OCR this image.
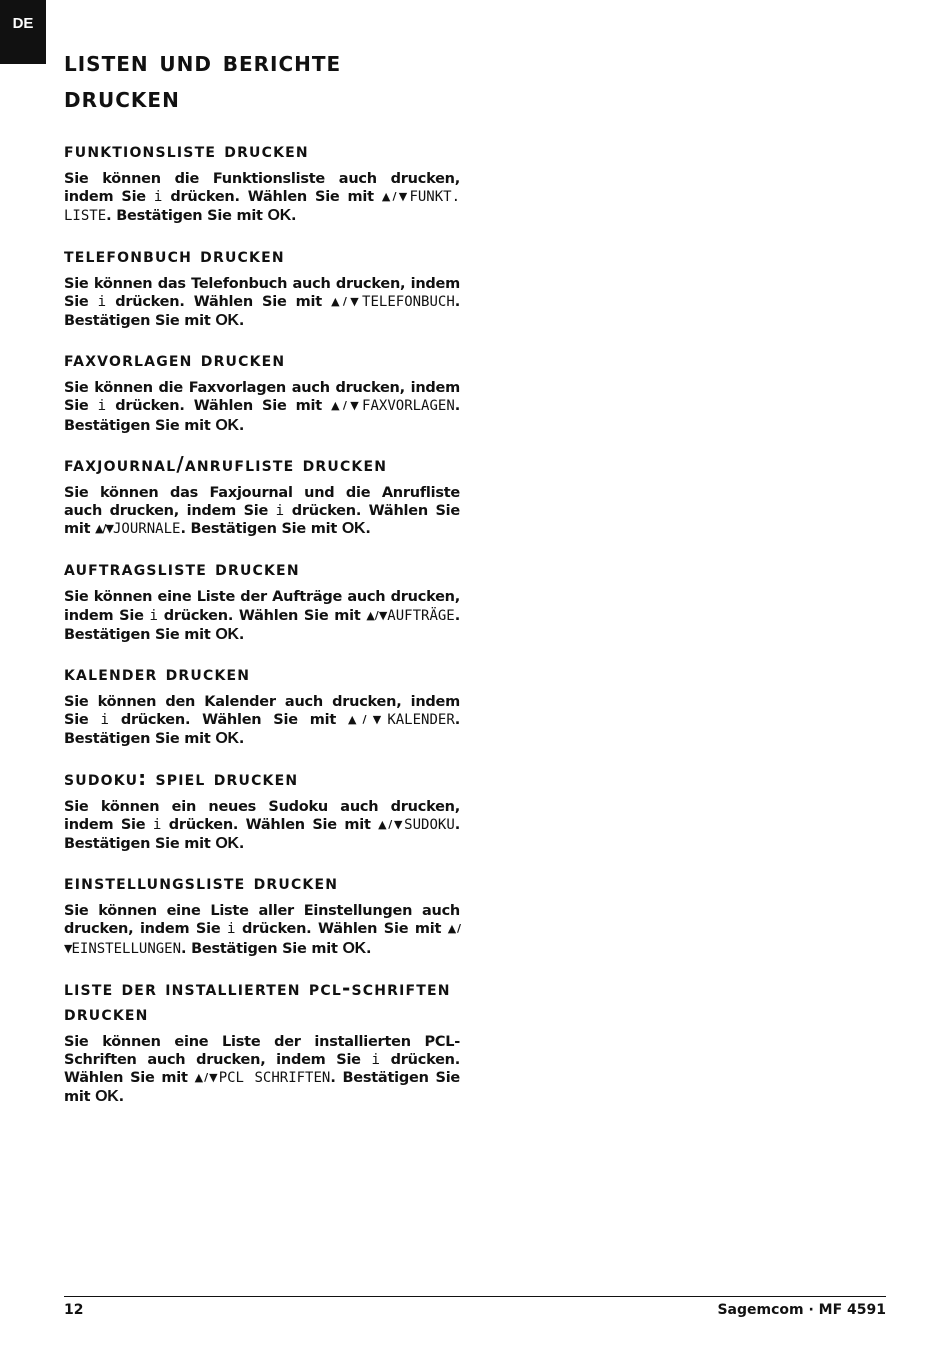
DE
listen und berichte drucken
funktionsliste drucken

Sie können die Funktionsliste auch drucken, indem Sie i drücken. Wählen Sie mit ▲/▼FUNKT. LISTE. Bestätigen Sie mit OK.

telefonbuch drucken

Sie können das Telefonbuch auch drucken, indem Sie i drücken. Wählen Sie mit ▲/▼TELEFONBUCH. Bestätigen Sie mit OK.

faxvorlagen drucken

Sie können die Faxvorlagen auch drucken, indem Sie i drücken. Wählen Sie mit ▲/▼FAXVORLAGEN. Bestätigen Sie mit OK.

faxjournal/anrufliste drucken

Sie können das Faxjournal und die Anrufliste auch drucken, indem Sie i drücken. Wählen Sie mit ▲/▼JOURNALE. Bestätigen Sie mit OK.

auftragsliste drucken

Sie können eine Liste der Aufträge auch drucken, indem Sie i drücken. Wählen Sie mit ▲/▼AUFTRÄGE. Bestätigen Sie mit OK.

kalender drucken

Sie können den Kalender auch drucken, indem Sie i drücken. Wählen Sie mit ▲/▼KALENDER. Bestätigen Sie mit OK.

sudoku: spiel drucken

Sie können ein neues Sudoku auch drucken, indem Sie i drücken. Wählen Sie mit ▲/▼SUDOKU. Bestätigen Sie mit OK.

einstellungsliste drucken

Sie können eine Liste aller Einstellungen auch drucken, indem Sie i drücken. Wählen Sie mit ▲/▼EINSTELLUNGEN. Bestätigen Sie mit OK.

liste der installierten pcl-schriften drucken

Sie können eine Liste der installierten PCL-Schriften auch drucken, indem Sie i drücken. Wählen Sie mit ▲/▼PCL SCHRIFTEN. Bestätigen Sie mit OK.

12	Sagemcom · MF 4591
